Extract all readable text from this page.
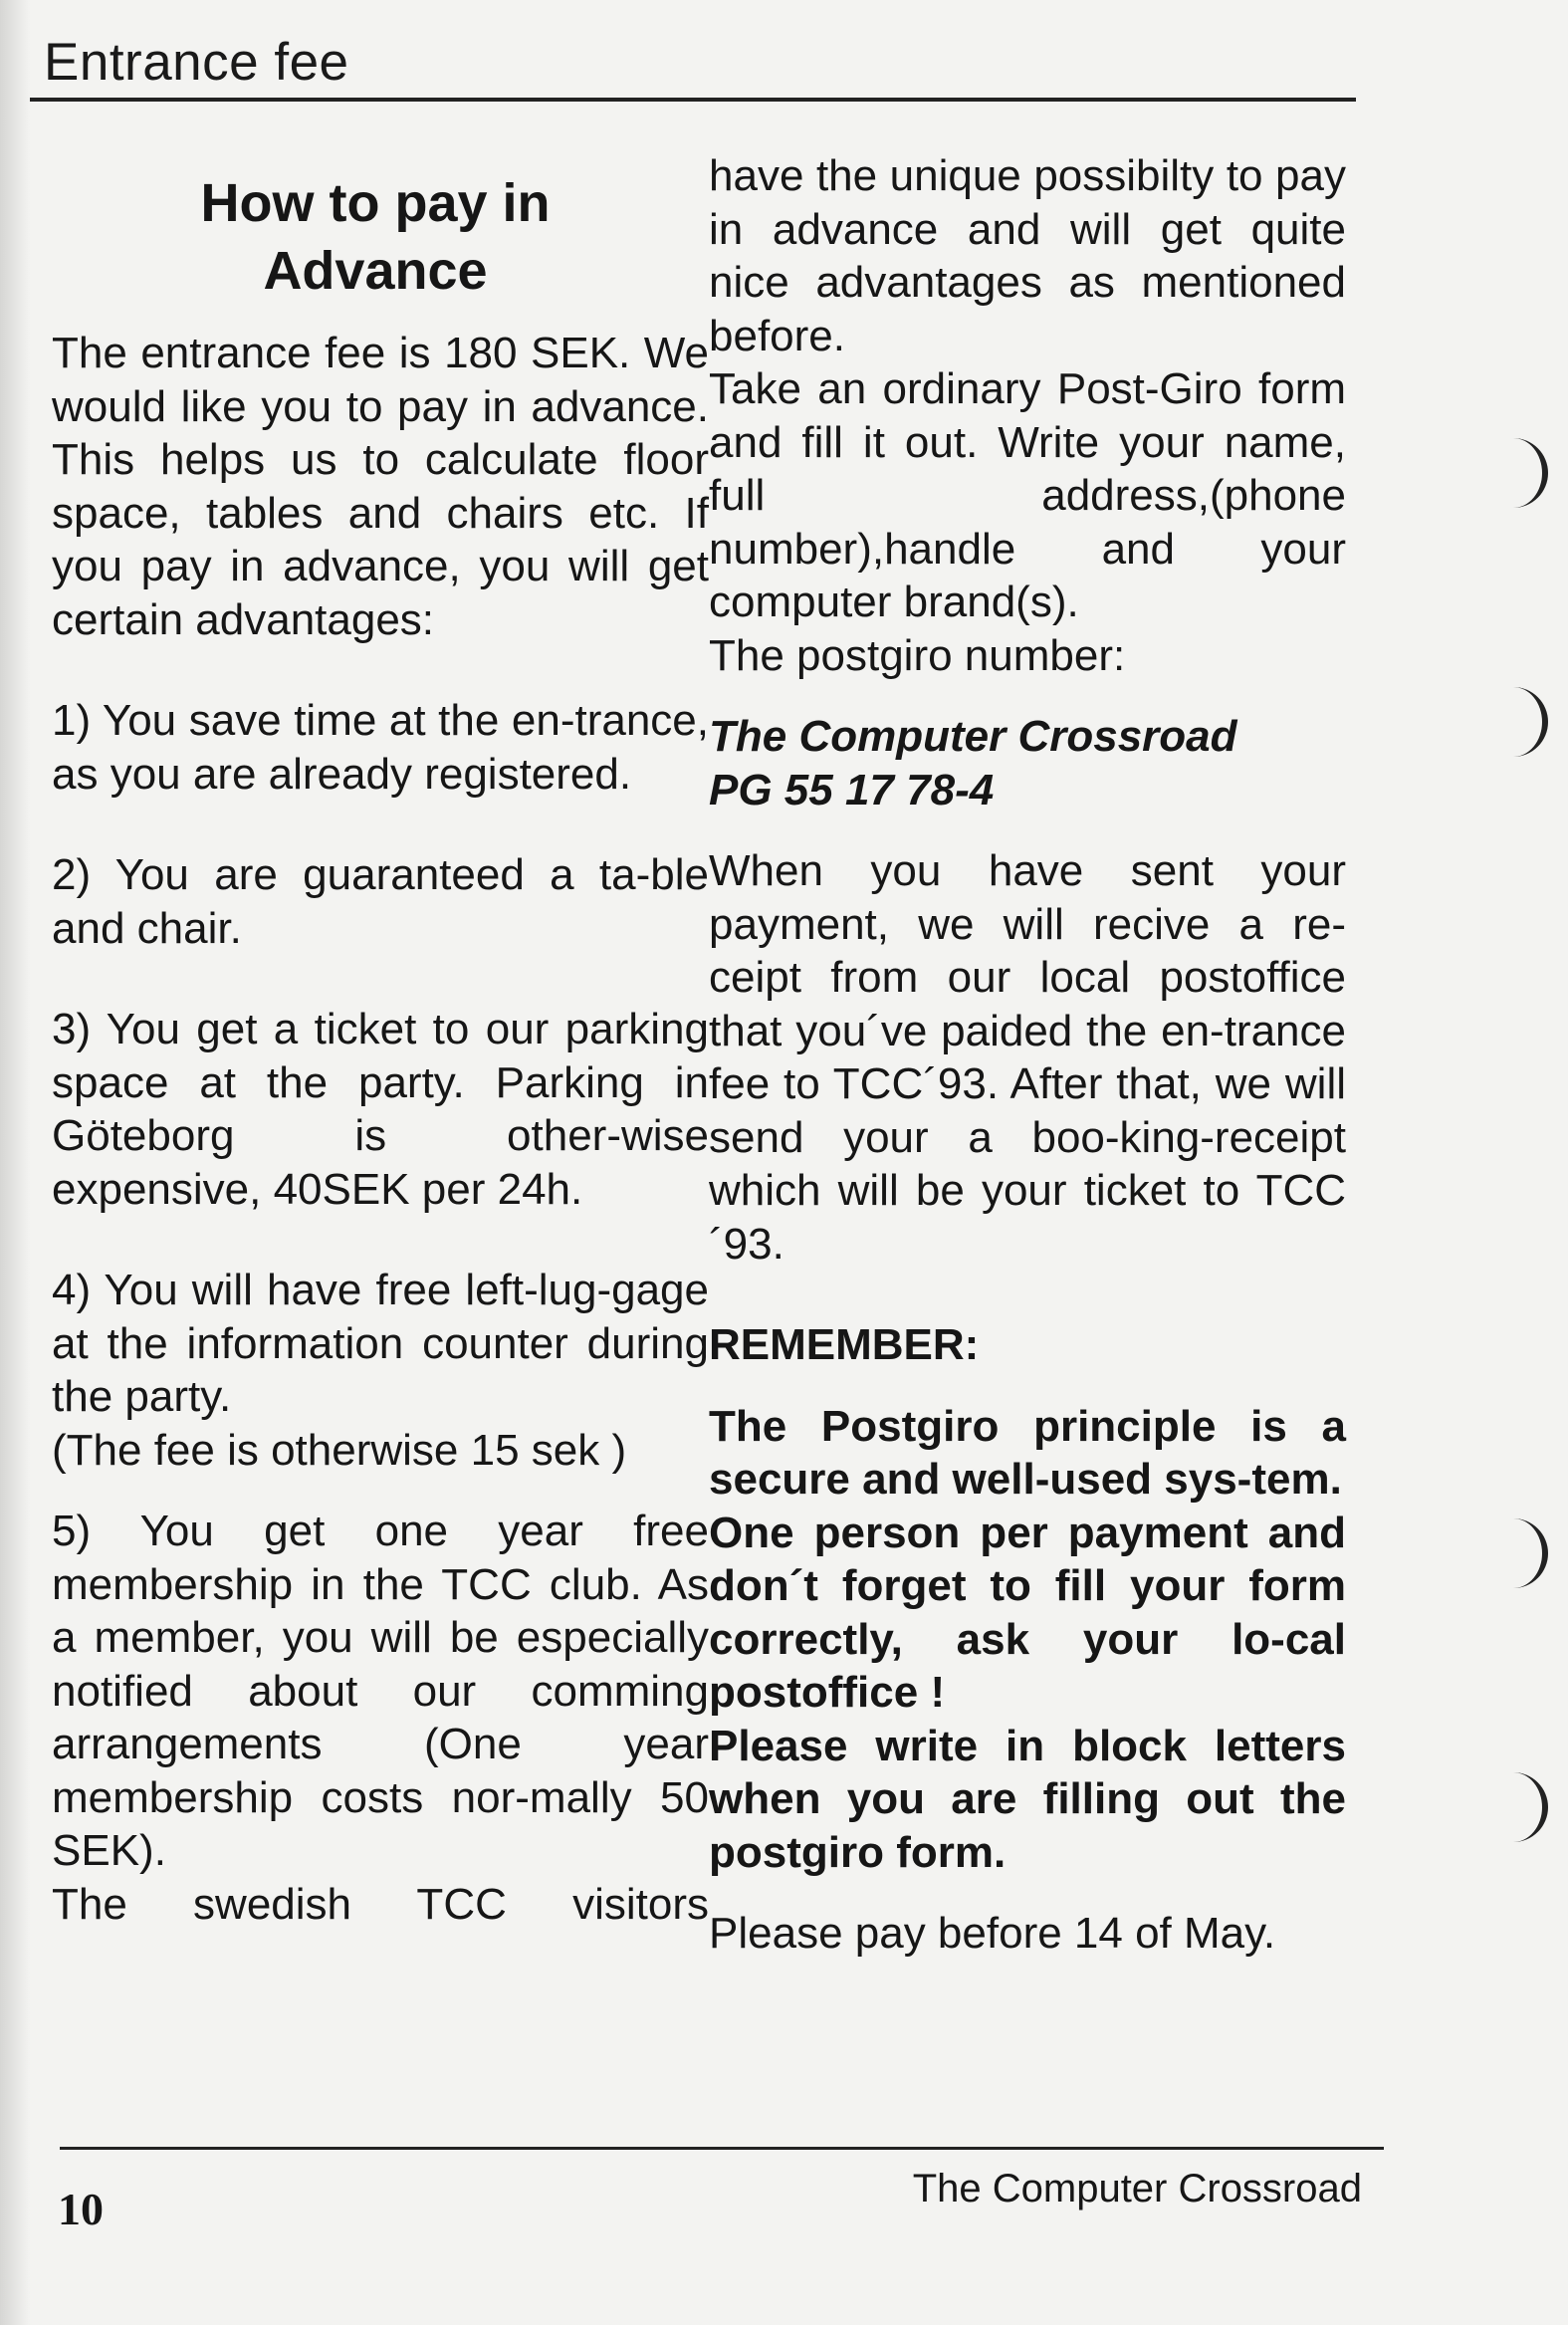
Entrance fee
How to pay in
Advance

The entrance fee is 180 SEK. We would like you to pay in advance. This helps us to calculate floor space, tables and chairs etc. If you pay in advance, you will get certain advantages:

1) You save time at the en-trance, as you are already registered.

2) You are guaranteed a ta-ble and chair.

3) You get a ticket to our parking space at the party. Parking in Göteborg is other-wise expensive, 40SEK per 24h.

4) You will have free left-lug-gage at the information counter during the party.

(The fee is otherwise 15 sek )

5) You get one year free membership in the TCC club. As a member, you will be especially notified about our comming arrangements (One year membership costs nor-mally 50 SEK).

The swedish TCC visitors

have the unique possibilty to pay in advance and will get quite nice advantages as mentioned before.

Take an ordinary Post-Giro form and fill it out. Write your name, full address,(phone number),handle and your computer brand(s).

The postgiro number:

The Computer Crossroad

PG 55 17 78-4

When you have sent your payment, we will recive a re-ceipt from our local postoffice that you´ve paided the en-trance fee to TCC´93. After that, we will send your a boo-king-receipt which will be your ticket to TCC´93.

REMEMBER:

The Postgiro principle is a secure and well-used sys-tem.

One person per payment and don´t forget to fill your form correctly, ask your lo-cal postoffice !

Please write in block letters when you are filling out the postgiro form.

Please pay before 14 of May.

10	The Computer Crossroad
